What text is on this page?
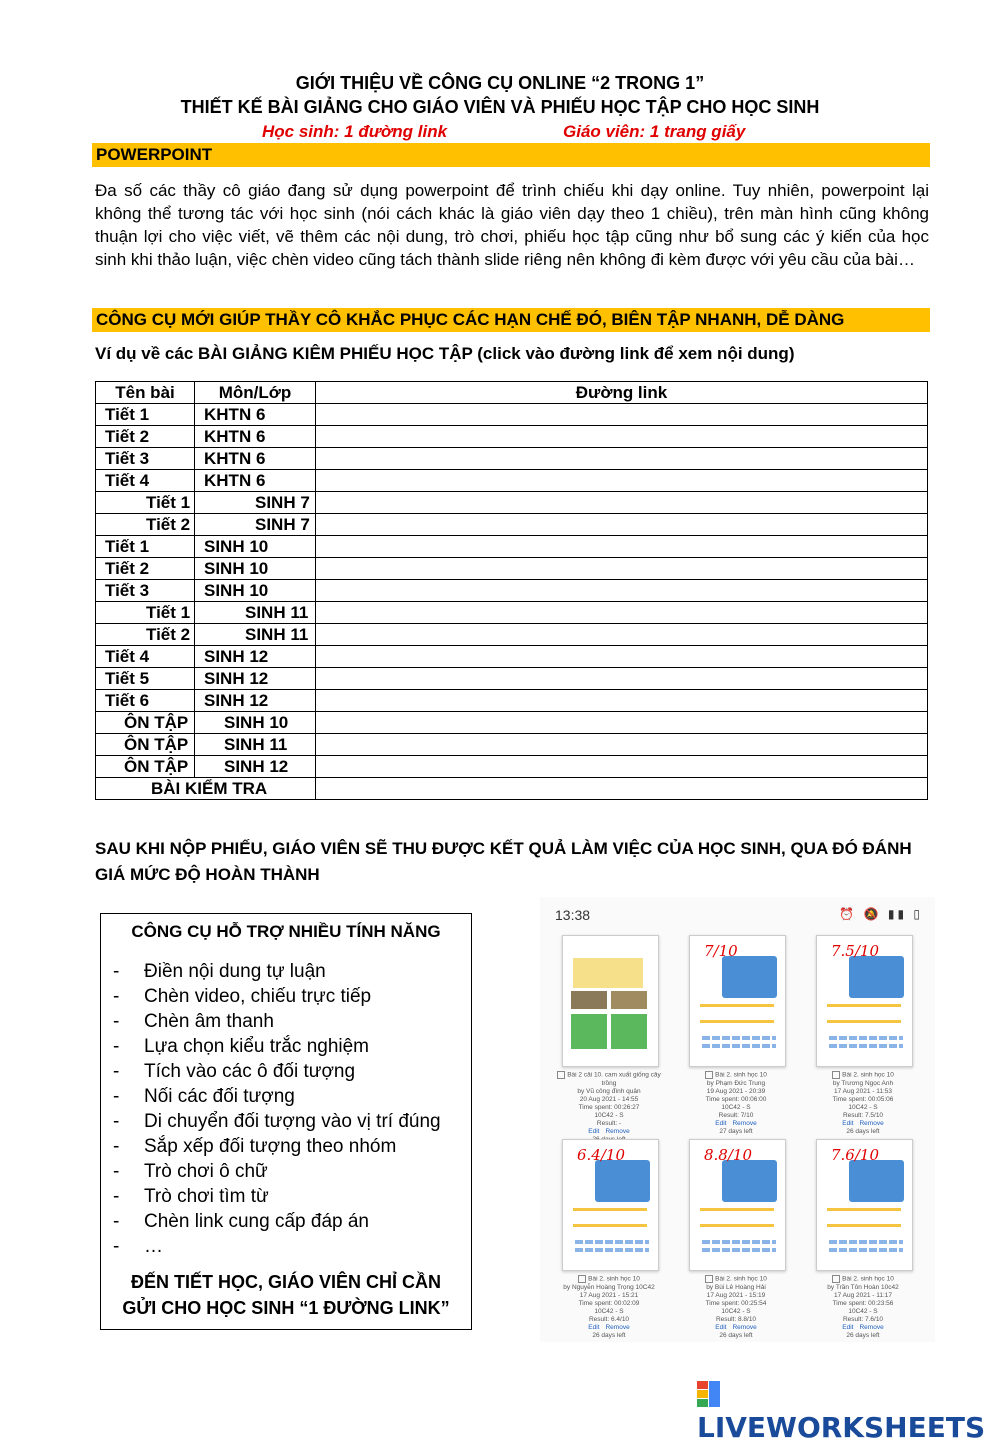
GIỚI THIỆU VỀ CÔNG CỤ ONLINE “2 TRONG 1”
THIẾT KẾ BÀI GIẢNG CHO GIÁO VIÊN VÀ PHIẾU HỌC TẬP CHO HỌC SINH
Học sinh: 1 đường link	Giáo viên: 1 trang giấy
POWERPOINT
Đa số các thầy cô giáo đang sử dụng powerpoint để trình chiếu khi dạy online. Tuy nhiên, powerpoint lại không thể tương tác với học sinh (nói cách khác là giáo viên dạy theo 1 chiều), trên màn hình cũng không thuận lợi cho việc viết, vẽ thêm các nội dung, trò chơi, phiếu học tập cũng như bổ sung các ý kiến của học sinh khi thảo luận, việc chèn video cũng tách thành slide riêng nên không đi kèm được với yêu cầu của bài…
CÔNG CỤ MỚI GIÚP THẦY CÔ KHẮC PHỤC CÁC HẠN CHẾ ĐÓ, BIÊN TẬP NHANH, DỄ DÀNG
Ví dụ về các BÀI GIẢNG KIÊM PHIẾU HỌC TẬP (click vào đường link để xem nội dung)
Tên bài	Môn/Lớp	Đường link
Tiết 1	KHTN 6	
Tiết 2	KHTN 6	
Tiết 3	KHTN 6	
Tiết 4	KHTN 6	
Tiết 1	SINH 7	
Tiết 2	SINH 7	
Tiết 1	SINH 10	
Tiết 2	SINH 10	
Tiết 3	SINH 10	
Tiết 1	SINH 11	
Tiết 2	SINH 11	
Tiết 4	SINH 12	
Tiết 5	SINH 12	
Tiết 6	SINH 12	
ÔN TẬP	SINH 10	
ÔN TẬP	SINH 11	
ÔN TẬP	SINH 12	
BÀI KIỂM TRA		
SAU KHI NỘP PHIẾU, GIÁO VIÊN SẼ THU ĐƯỢC KẾT QUẢ LÀM VIỆC CỦA HỌC SINH, QUA ĐÓ ĐÁNH GIÁ MỨC ĐỘ HOÀN THÀNH
CÔNG CỤ HỖ TRỢ NHIỀU TÍNH NĂNG
- Điền nội dung tự luận
- Chèn video, chiếu trực tiếp
- Chèn âm thanh
- Lựa chọn kiểu trắc nghiệm
- Tích vào các ô đối tượng
- Nối các đối tượng
- Di chuyển đối tượng vào vị trí đúng
- Sắp xếp đối tượng theo nhóm
- Trò chơi ô chữ
- Trò chơi tìm từ
- Chèn link cung cấp đáp án
- …
ĐẾN TIẾT HỌC, GIÁO VIÊN CHỈ CẦN
GỬI CHO HỌC SINH “1 ĐƯỜNG LINK”
13:38	⏰ 🔕 ▮▮ ▯
Bài 2 câi 10. cam xuất giống cây trồng
by Vũ công đình quân
20 Aug 2021 - 14:55
Time spent: 00:26:27
10C42 - S
Result: -
Edit Remove
7/10
Bài 2. sinh học 10
by Phạm Đức Trung
19 Aug 2021 - 20:39
Time spent: 00:06:00
10C42 - S
Result: 7/10
Edit Remove
27 days left
7.5/10
Bài 2. sinh học 10
by Trương Ngọc Anh
17 Aug 2021 - 11:53
Time spent: 00:05:06
10C42 - S
Result: 7.5/10
Edit Remove
26 days left
6.4/10
Bài 2. sinh học 10
by Nguyễn Hoàng Trọng 10C42
17 Aug 2021 - 15:21
Time spent: 00:02:09
10C42 - S
Result: 6.4/10
Edit Remove
26 days left
8.8/10
Bài 2. sinh học 10
by Bùi Lê Hoàng Hải
17 Aug 2021 - 15:19
Time spent: 00:25:54
10C42 - S
Result: 8.8/10
Edit Remove
26 days left
7.6/10
Bài 2. sinh học 10
by Trần Tôn Hoàn 10c42
17 Aug 2021 - 11:17
Time spent: 00:23:56
10C42 - S
Result: 7.6/10
Edit Remove
26 days left
LIVEWORKSHEETS
